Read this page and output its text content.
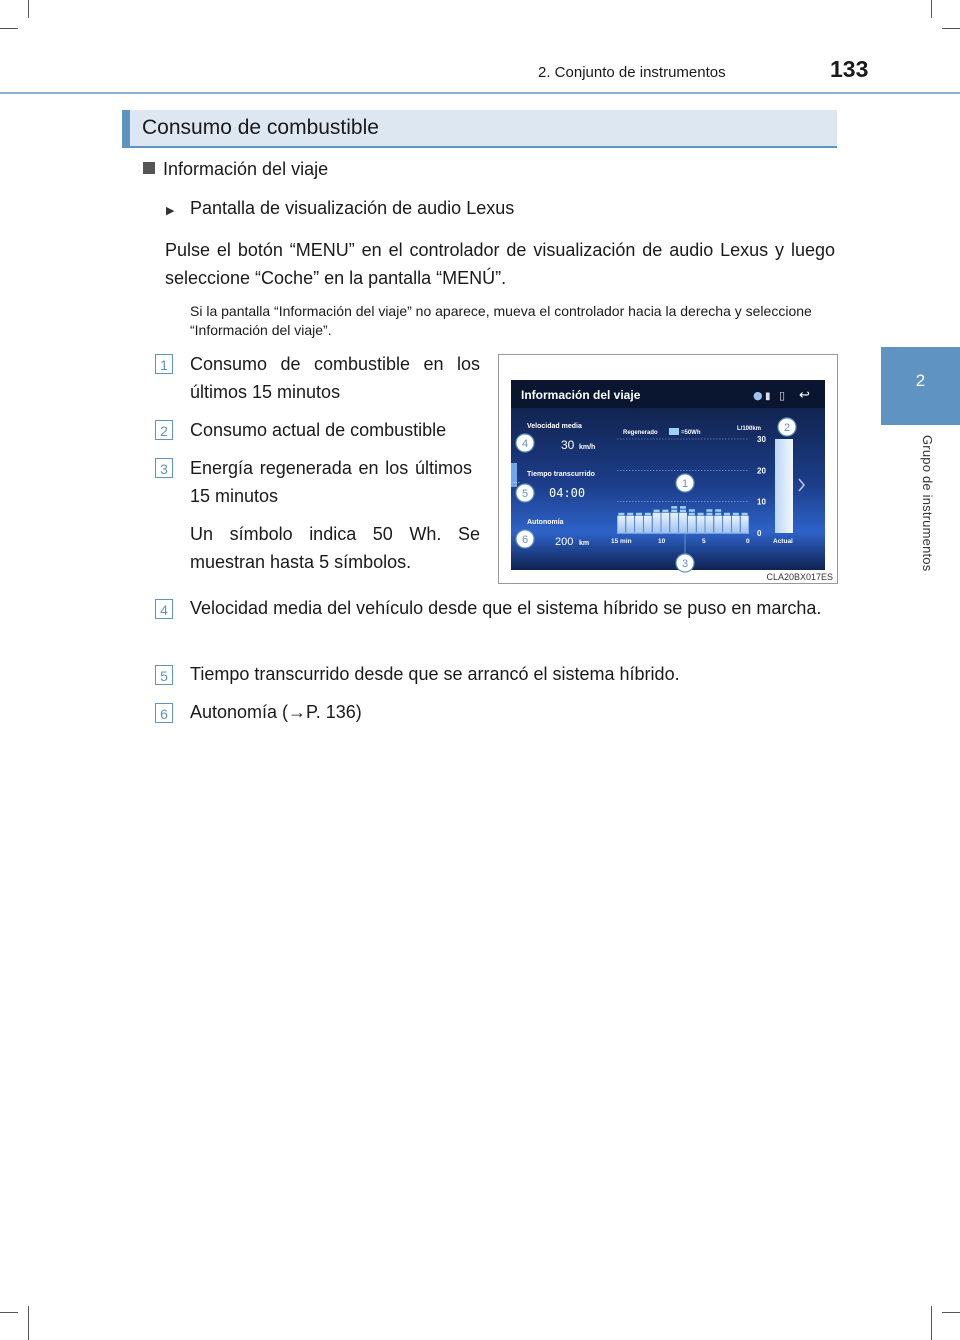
2. Conjunto de instrumentos	133
2
Grupo de instrumentos
Consumo de combustible
Información del viaje
▶ Pantalla de visualización de audio Lexus
Pulse el botón “MENU” en el controlador de visualización de audio Lexus y luego seleccione “Coche” en la pantalla “MENÚ”.
Si la pantalla “Información del viaje” no aparece, mueva el controlador hacia la derecha y seleccione “Información del viaje”.
1 Consumo de combustible en los últimos 15 minutos
2 Consumo actual de combustible
3 Energía regenerada en los últimos 15 minutos
Un símbolo indica 50 Wh. Se muestran hasta 5 símbolos.
4 Velocidad media del vehículo desde que el sistema híbrido se puso en marcha.
5 Tiempo transcurrido desde que se arrancó el sistema híbrido.
6 Autonomía (→P. 136)
Información del viaje	● ▮ ▯ ↩
Velocidad media
30 km/h
Tiempo transcurrido
04:00
Autonomía
200 km
…
Regenerado	=50Wh
L/100km
30
20
10
0
15 min	10	5	0	Actual
1
2
3
4
5
6
CLA20BX017ES
